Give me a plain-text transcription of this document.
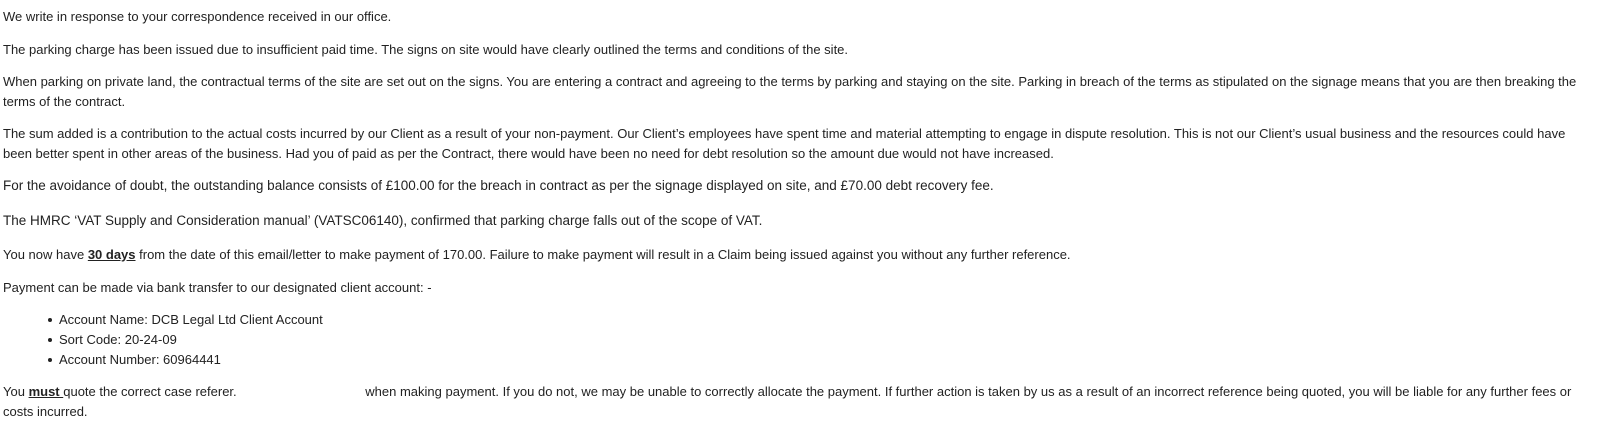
We write in response to your correspondence received in our office.

The parking charge has been issued due to insufficient paid time. The signs on site would have clearly outlined the terms and conditions of the site.

When parking on private land, the contractual terms of the site are set out on the signs. You are entering a contract and agreeing to the terms by parking and staying on the site. Parking in breach of the terms as stipulated on the signage means that you are then breaking the terms of the contract.

The sum added is a contribution to the actual costs incurred by our Client as a result of your non-payment. Our Client’s employees have spent time and material attempting to engage in dispute resolution. This is not our Client’s usual business and the resources could have been better spent in other areas of the business. Had you of paid as per the Contract, there would have been no need for debt resolution so the amount due would not have increased.

For the avoidance of doubt, the outstanding balance consists of £100.00 for the breach in contract as per the signage displayed on site, and £70.00 debt recovery fee.

The HMRC ‘VAT Supply and Consideration manual’ (VATSC06140), confirmed that parking charge falls out of the scope of VAT.

You now have 30 days from the date of this email/letter to make payment of 170.00. Failure to make payment will result in a Claim being issued against you without any further reference.

Payment can be made via bank transfer to our designated client account: -

Account Name: DCB Legal Ltd Client Account
Sort Code: 20-24-09
Account Number: 60964441

You must quote the correct case referer.	when making payment. If you do not, we may be unable to correctly allocate the payment. If further action is taken by us as a result of an incorrect reference being quoted, you will be liable for any further fees or costs incurred.
